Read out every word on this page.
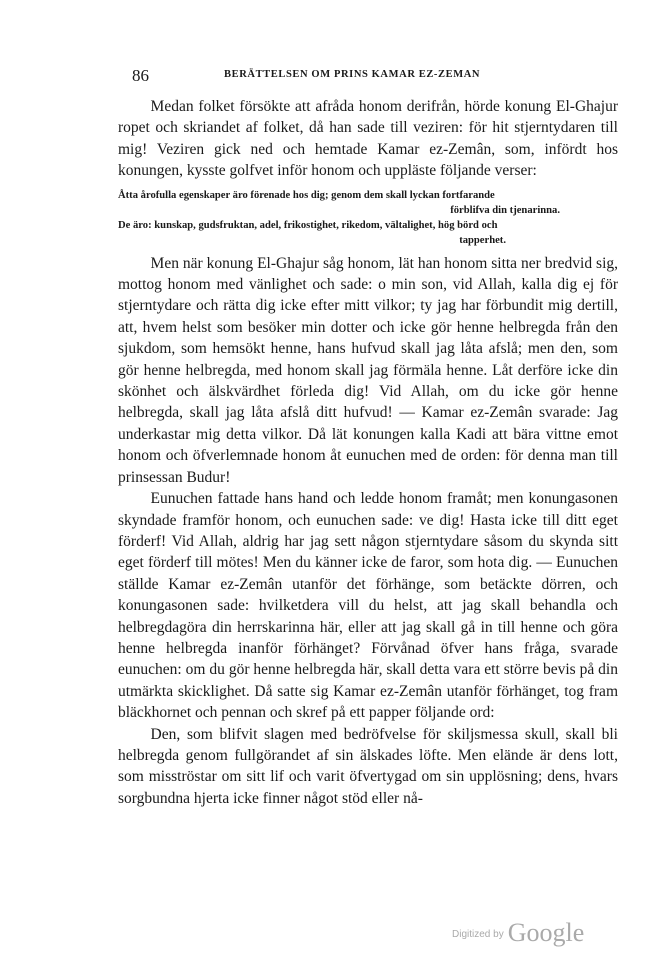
86	BERÄTTELSEN OM PRINS KAMAR EZ-ZEMAN

Medan folket försökte att afråda honom derifrån, hörde konung El-Ghajur ropet och skriandet af folket, då han sade till veziren: för hit stjerntydaren till mig! Veziren gick ned och hemtade Kamar ez-Zemân, som, infördt hos konungen, kysste golfvet inför honom och uppläste följande verser:

Åtta årofulla egenskaper äro förenade hos dig; genom dem skall lyckan fortfarande

förblifva din tjenarinna.

De äro: kunskap, gudsfruktan, adel, frikostighet, rikedom, vältalighet, hög börd och

tapperhet.

Men när konung El-Ghajur såg honom, lät han honom sitta ner bredvid sig, mottog honom med vänlighet och sade: o min son, vid Allah, kalla dig ej för stjerntydare och rätta dig icke efter mitt vilkor; ty jag har förbundit mig dertill, att, hvem helst som besöker min dotter och icke gör henne helbregda från den sjukdom, som hemsökt henne, hans hufvud skall jag låta afslå; men den, som gör henne helbregda, med honom skall jag förmäla henne. Låt derföre icke din skönhet och älskvärdhet förleda dig! Vid Allah, om du icke gör henne helbregda, skall jag låta afslå ditt hufvud! — Kamar ez-Zemân svarade: Jag underkastar mig detta vilkor. Då lät konungen kalla Kadi att bära vittne emot honom och öfverlemnade honom åt eunuchen med de orden: för denna man till prinsessan Budur!

Eunuchen fattade hans hand och ledde honom framåt; men konungasonen skyndade framför honom, och eunuchen sade: ve dig! Hasta icke till ditt eget förderf! Vid Allah, aldrig har jag sett någon stjerntydare såsom du skynda sitt eget förderf till mötes! Men du känner icke de faror, som hota dig. — Eunuchen ställde Kamar ez-Zemân utanför det förhänge, som betäckte dörren, och konungasonen sade: hvilketdera vill du helst, att jag skall behandla och helbregdagöra din herrskarinna här, eller att jag skall gå in till henne och göra henne helbregda inanför förhänget? Förvånad öfver hans fråga, svarade eunuchen: om du gör henne helbregda här, skall detta vara ett större bevis på din utmärkta skicklighet. Då satte sig Kamar ez-Zemân utanför förhänget, tog fram bläckhornet och pennan och skref på ett papper följande ord:

Den, som blifvit slagen med bedröfvelse för skiljsmessa skull, skall bli helbregda genom fullgörandet af sin älskades löfte. Men elände är dens lott, som misströstar om sitt lif och varit öfvertygad om sin upplösning; dens, hvars sorgbundna hjerta icke finner något stöd eller nå-

$^{Digitized by}$ Google
